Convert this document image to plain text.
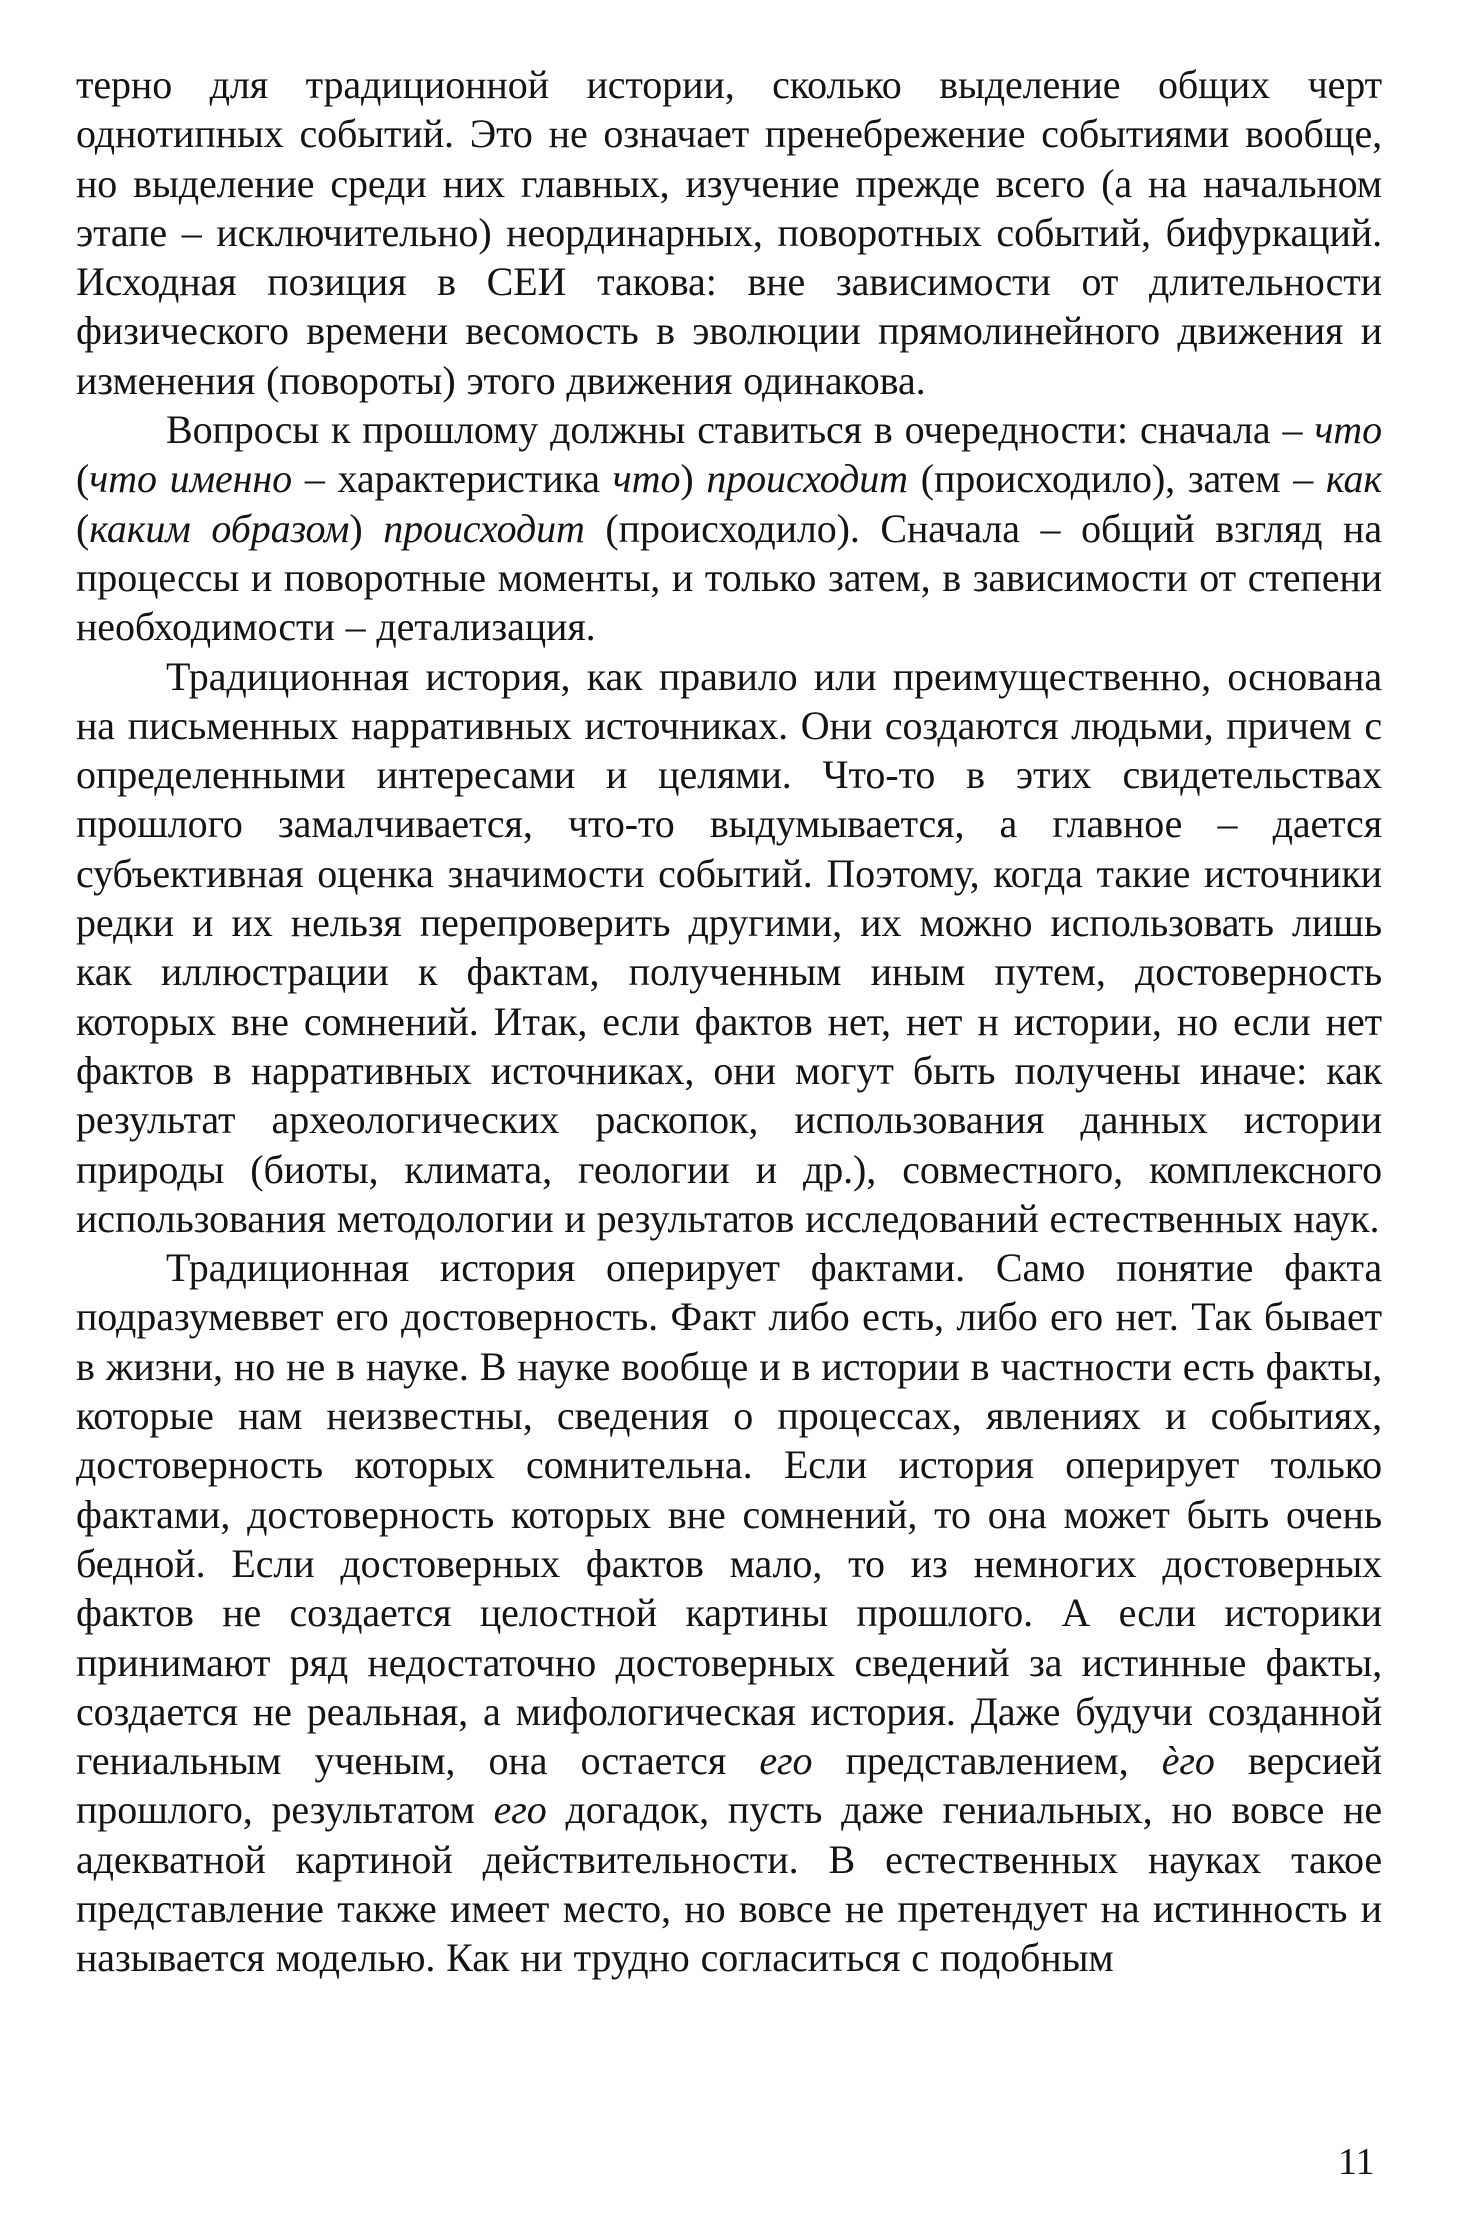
терно для традиционной истории, сколько выделение общих черт однотипных событий. Это не означает пренебрежение событиями вообще, но выделение среди них главных, изучение прежде всего (а на начальном этапе – исключительно) неординарных, поворотных событий, бифуркаций. Исходная позиция в СЕИ такова: вне зависимости от длительности физического времени весомость в эволюции прямолинейного движения и изменения (повороты) этого движения одинакова.

Вопросы к прошлому должны ставиться в очередности: сначала – что (что именно – характеристика что) происходит (происходило), затем – как (каким образом) происходит (происходило). Сначала – общий взгляд на процессы и поворотные моменты, и только затем, в зависимости от степени необходимости – детализация.

Традиционная история, как правило или преимущественно, основана на письменных нарративных источниках. Они создаются людьми, причем с определенными интересами и целями. Что-то в этих свидетельствах прошлого замалчивается, что-то выдумывается, а главное – дается субъективная оценка значимости событий. Поэтому, когда такие источники редки и их нельзя перепроверить другими, их можно использовать лишь как иллюстрации к фактам, полученным иным путем, достоверность которых вне сомнений. Итак, если фактов нет, нет н истории, но если нет фактов в нарративных источниках, они могут быть получены иначе: как результат археологических раскопок, использования данных истории природы (биоты, климата, геологии и др.), совместного, комплексного использования методологии и результатов исследований естественных наук.

Традиционная история оперирует фактами. Само понятие факта подразумеввет его достоверность. Факт либо есть, либо его нет. Так бывает в жизни, но не в науке. В науке вообще и в истории в частности есть факты, которые нам неизвестны, сведения о процессах, явлениях и событиях, достоверность которых сомнительна. Если история оперирует только фактами, достоверность которых вне сомнений, то она может быть очень бедной. Если достоверных фактов мало, то из немногих достоверных фактов не создается целостной картины прошлого. А если историки принимают ряд недостаточно достоверных сведений за истинные факты, создается не реальная, а мифологическая история. Даже будучи созданной гениальным ученым, она остается его представлением, ѐго версией прошлого, результатом его догадок, пусть даже гениальных, но вовсе не адекватной картиной действительности. В естественных науках такое представление также имеет место, но вовсе не претендует на истинность и называется моделью. Как ни трудно согласиться с подобным

11
